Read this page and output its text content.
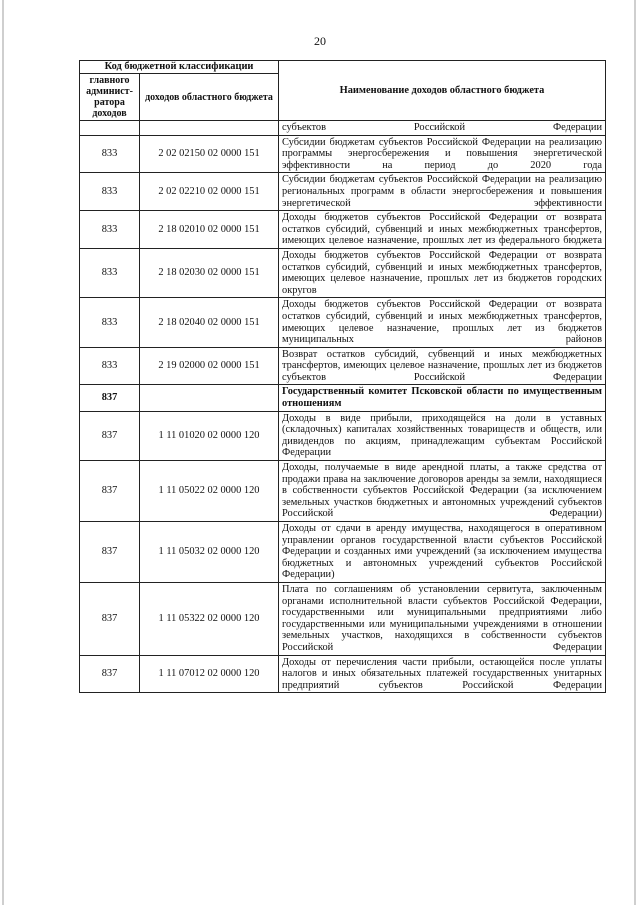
20
Код бюджетной классификации		Наименование доходов областного бюджета
главного админист- ратора доходов	доходов областного бюджета	
		субъектов Российской Федерации
833	2 02 02150 02 0000 151	Субсидии бюджетам субъектов Российской Федерации на реализацию программы энергосбережения и повышения энергетической эффективности на период до 2020 года
833	2 02 02210 02 0000 151	Субсидии бюджетам субъектов Российской Федерации на реализацию региональных программ в области энергосбережения и повышения энергетической эффективности
833	2 18 02010 02 0000 151	Доходы бюджетов субъектов Российской Федерации от возврата остатков субсидий, субвенций и иных межбюджетных трансфертов, имеющих целевое назначение, прошлых лет из федерального бюджета
833	2 18 02030 02 0000 151	Доходы бюджетов субъектов Российской Федерации от возврата остатков субсидий, субвенций и иных межбюджетных трансфертов, имеющих целевое назначение, прошлых лет из бюджетов городских округов
833	2 18 02040 02 0000 151	Доходы бюджетов субъектов Российской Федерации от возврата остатков субсидий, субвенций и иных межбюджетных трансфертов, имеющих целевое назначение, прошлых лет из бюджетов муниципальных районов
833	2 19 02000 02 0000 151	Возврат остатков субсидий, субвенций и иных межбюджетных трансфертов, имеющих целевое назначение, прошлых лет из бюджетов субъектов Российской Федерации
837		Государственный комитет Псковской области по имущественным отношениям
837	1 11 01020 02 0000 120	Доходы в виде прибыли, приходящейся на доли в уставных (складочных) капиталах хозяйственных товариществ и обществ, или дивидендов по акциям, принадлежащим субъектам Российской Федерации
837	1 11 05022 02 0000 120	Доходы, получаемые в виде арендной платы, а также средства от продажи права на заключение договоров аренды за земли, находящиеся в собственности субъектов Российской Федерации (за исключением земельных участков бюджетных и автономных учреждений субъектов Российской Федерации)
837	1 11 05032 02 0000 120	Доходы от сдачи в аренду имущества, находящегося в оперативном управлении органов государственной власти субъектов Российской Федерации и созданных ими учреждений (за исключением имущества бюджетных и автономных учреждений субъектов Российской Федерации)
837	1 11 05322 02 0000 120	Плата по соглашениям об установлении сервитута, заключенным органами исполнительной власти субъектов Российской Федерации, государственными или муниципальными предприятиями либо государственными или муниципальными учреждениями в отношении земельных участков, находящихся в собственности субъектов Российской Федерации
837	1 11 07012 02 0000 120	Доходы от перечисления части прибыли, остающейся после уплаты налогов и иных обязательных платежей государственных унитарных предприятий субъектов Российской Федерации
